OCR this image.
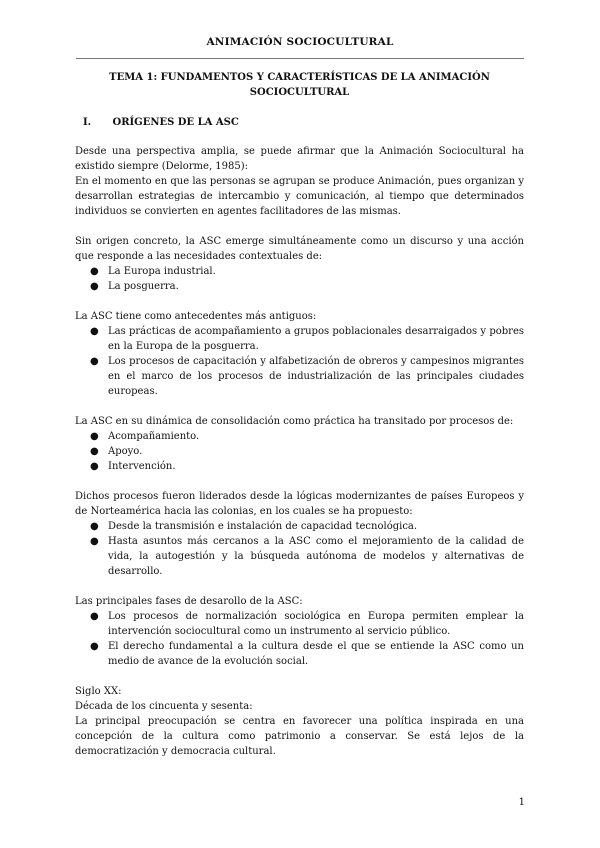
ANIMACIÓN SOCIOCULTURAL
TEMA 1: FUNDAMENTOS Y CARACTERÍSTICAS DE LA ANIMACIÓN SOCIOCULTURAL
I. ORÍGENES DE LA ASC

Desde una perspectiva amplia, se puede afirmar que la Animación Sociocultural ha existido siempre (Delorme, 1985):

En el momento en que las personas se agrupan se produce Animación, pues organizan y desarrollan estrategias de intercambio y comunicación, al tiempo que determinados individuos se convierten en agentes facilitadores de las mismas.

Sin origen concreto, la ASC emerge simultáneamente como un discurso y una acción que responde a las necesidades contextuales de:

● La Europa industrial.
● La posguerra.

La ASC tiene como antecedentes más antiguos:

● Las prácticas de acompañamiento a grupos poblacionales desarraigados y pobres en la Europa de la posguerra.
● Los procesos de capacitación y alfabetización de obreros y campesinos migrantes en el marco de los procesos de industrialización de las principales ciudades europeas.

La ASC en su dinámica de consolidación como práctica ha transitado por procesos de:

● Acompañamiento.
● Apoyo.
● Intervención.

Dichos procesos fueron liderados desde la lógicas modernizantes de países Europeos y de Norteamérica hacia las colonias, en los cuales se ha propuesto:

● Desde la transmisión e instalación de capacidad tecnológica.
● Hasta asuntos más cercanos a la ASC como el mejoramiento de la calidad de vida, la autogestión y la búsqueda autónoma de modelos y alternativas de desarrollo.

Las principales fases de desarollo de la ASC:

● Los procesos de normalización sociológica en Europa permiten emplear la intervención sociocultural como un instrumento al servicio público.
● El derecho fundamental a la cultura desde el que se entiende la ASC como un medio de avance de la evolución social.

Siglo XX:

Década de los cincuenta y sesenta:

La principal preocupación se centra en favorecer una política inspirada en una concepción de la cultura como patrimonio a conservar. Se está lejos de la democratización y democracia cultural.

1
